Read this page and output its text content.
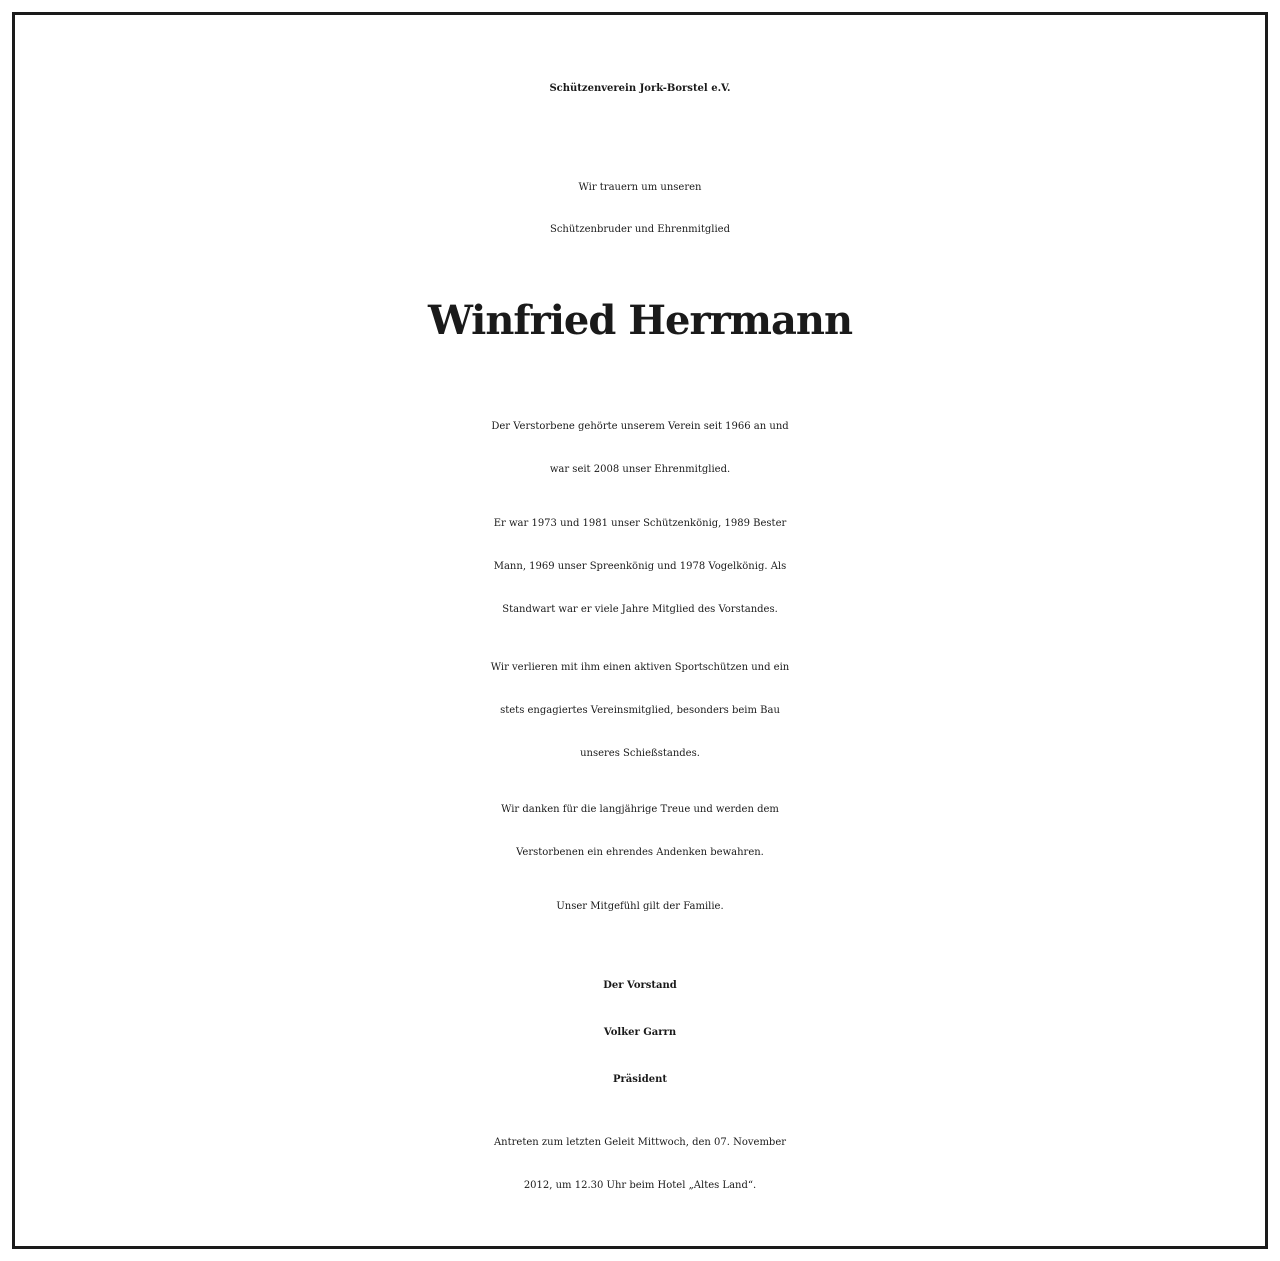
Schützenverein Jork-Borstel e.V.
Wir trauern um unseren
Schützenbruder und Ehrenmitglied
Winfried Herrmann
Der Verstorbene gehörte unserem Verein seit 1966 an und
war seit 2008 unser Ehrenmitglied.
Er war 1973 und 1981 unser Schützenkönig, 1989 Bester
Mann, 1969 unser Spreenkönig und 1978 Vogelkönig. Als
Standwart war er viele Jahre Mitglied des Vorstandes.
Wir verlieren mit ihm einen aktiven Sportschützen und ein
stets engagiertes Vereinsmitglied, besonders beim Bau
unseres Schießstandes.
Wir danken für die langjährige Treue und werden dem
Verstorbenen ein ehrendes Andenken bewahren.
Unser Mitgefühl gilt der Familie.
Der Vorstand
Volker Garrn
Präsident
Antreten zum letzten Geleit Mittwoch, den 07. November
2012, um 12.30 Uhr beim Hotel „Altes Land“.
